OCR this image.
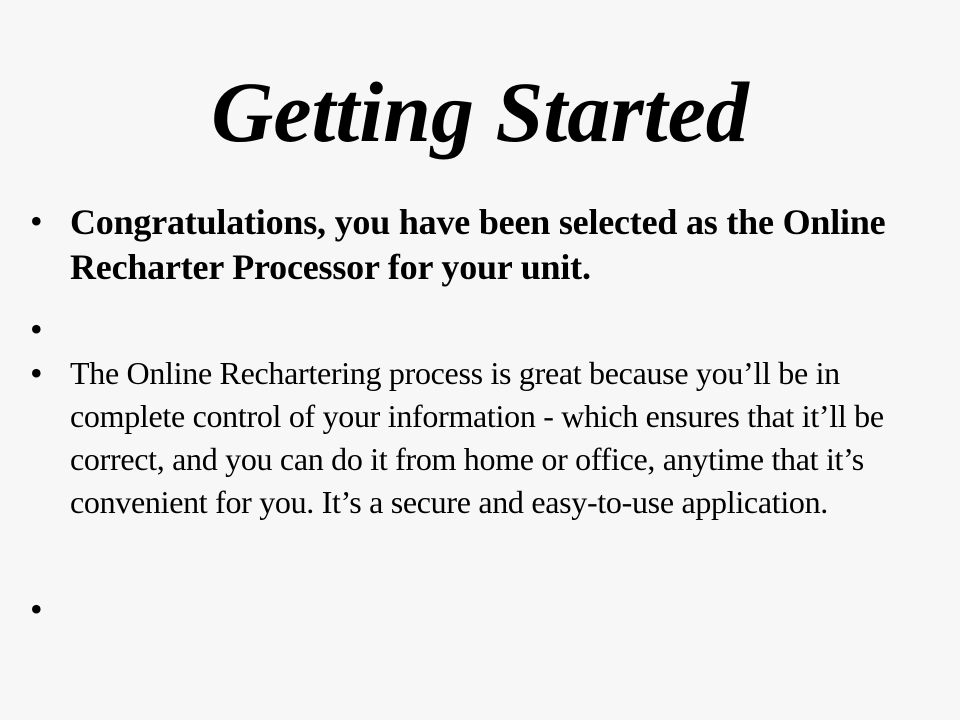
Getting Started
• Congratulations, you have been selected as the Online Recharter Processor for your unit.
•
• The Online Rechartering process is great because you’ll be in complete control of your information - which ensures that it’ll be correct, and you can do it from home or office, anytime that it’s convenient for you. It’s a secure and easy-to-use application.
•
